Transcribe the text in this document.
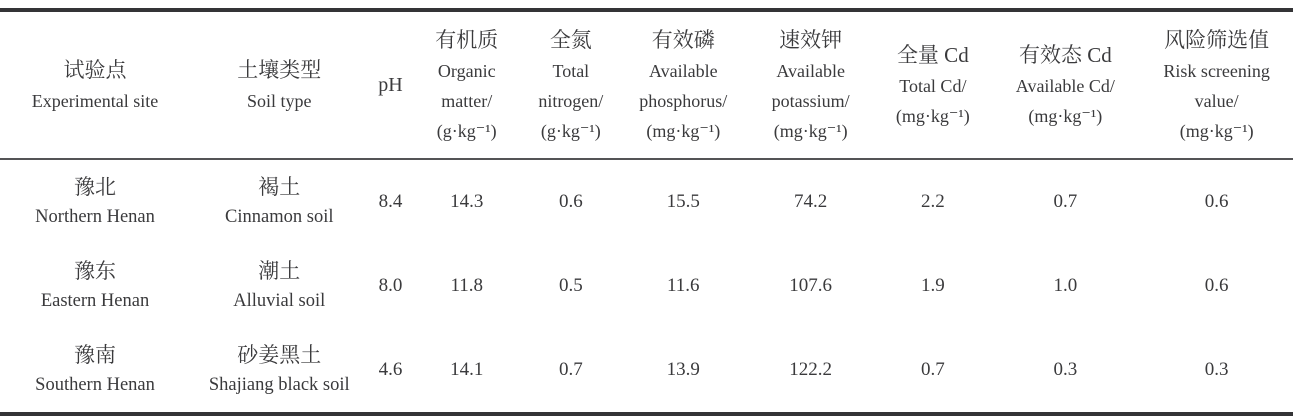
试验点
Experimental site	土壤类型
Soil type	pH	有机质
Organic matter/
(g·kg⁻¹)	全氮
Total nitrogen/
(g·kg⁻¹)	有效磷
Available phosphorus/
(mg·kg⁻¹)	速效钾
Available potassium/
(mg·kg⁻¹)	全量 Cd
Total Cd/
(mg·kg⁻¹)	有效态 Cd
Available Cd/
(mg·kg⁻¹)	风险筛选值
Risk screening value/
(mg·kg⁻¹)

豫北
Northern Henan	褐土
Cinnamon soil	8.4	14.3	0.6	15.5	74.2	2.2	0.7	0.6

豫东
Eastern Henan	潮土
Alluvial soil	8.0	11.8	0.5	11.6	107.6	1.9	1.0	0.6

豫南
Southern Henan	砂姜黑土
Shajiang black soil	4.6	14.1	0.7	13.9	122.2	0.7	0.3	0.3
